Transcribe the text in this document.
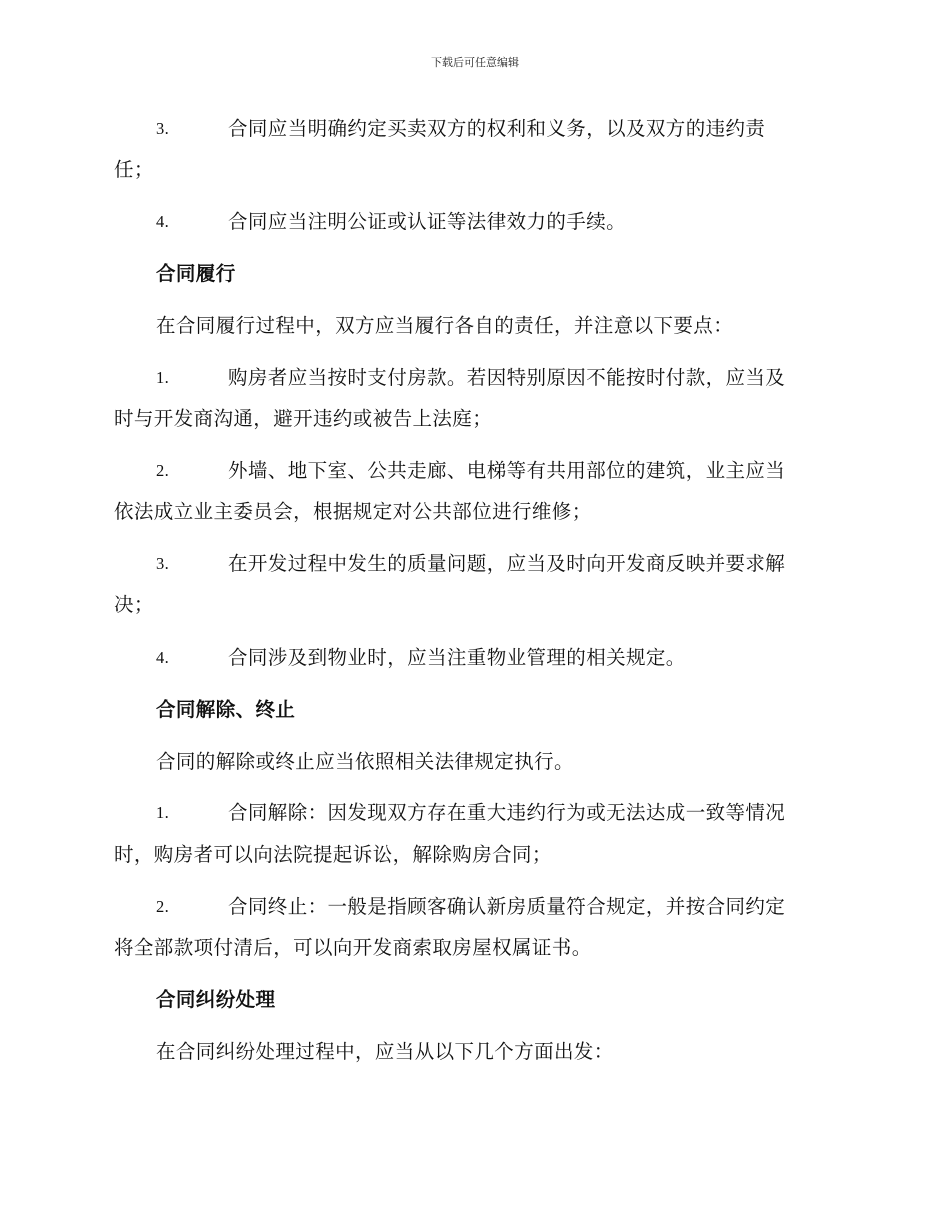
下载后可任意编辑
3.	合同应当明确约定买卖双方的权利和义务，以及双方的违约责
任；
4.	合同应当注明公证或认证等法律效力的手续。
合同履行
在合同履行过程中，双方应当履行各自的责任，并注意以下要点：
1.	购房者应当按时支付房款。若因特别原因不能按时付款，应当及
时与开发商沟通，避开违约或被告上法庭；
2.	外墙、地下室、公共走廊、电梯等有共用部位的建筑，业主应当
依法成立业主委员会，根据规定对公共部位进行维修；
3.	在开发过程中发生的质量问题，应当及时向开发商反映并要求解
决；
4.	合同涉及到物业时，应当注重物业管理的相关规定。
合同解除、终止
合同的解除或终止应当依照相关法律规定执行。
1.	合同解除：因发现双方存在重大违约行为或无法达成一致等情况
时，购房者可以向法院提起诉讼，解除购房合同；
2.	合同终止：一般是指顾客确认新房质量符合规定，并按合同约定
将全部款项付清后，可以向开发商索取房屋权属证书。
合同纠纷处理
在合同纠纷处理过程中，应当从以下几个方面出发：
